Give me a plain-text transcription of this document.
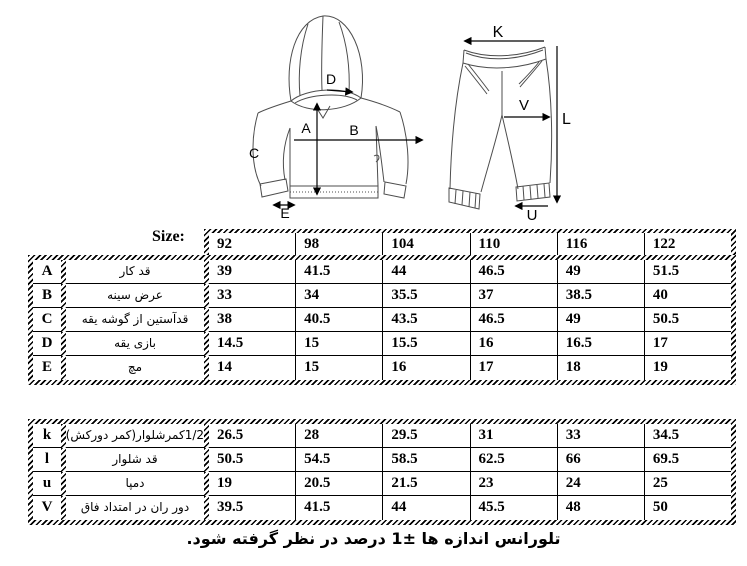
A	B
C
D
E
K
L
U
V
Size:	92	98	104	110	116	122
A	قد کار	39	41.5	44	46.5	49	51.5
B	عرض سینه	33	34	35.5	37	38.5	40
C	قدآستین از گوشه یقه	38	40.5	43.5	46.5	49	50.5
D	بازی یقه	14.5	15	15.5	16	16.5	17
E	مچ	14	15	16	17	18	19
k	1/2کمرشلوار(کمر دورکش) 26.5	28	29.5	31	33	34.5
l	قد شلوار	50.5	54.5	58.5	62.5	66	69.5
u	دمپا	19	20.5	21.5	23	24	25
V	دور ران در امتداد فاق	39.5	41.5	44	45.5	48	50
تلورانس اندازه ها ±1 درصد در نظر گرفته شود.
